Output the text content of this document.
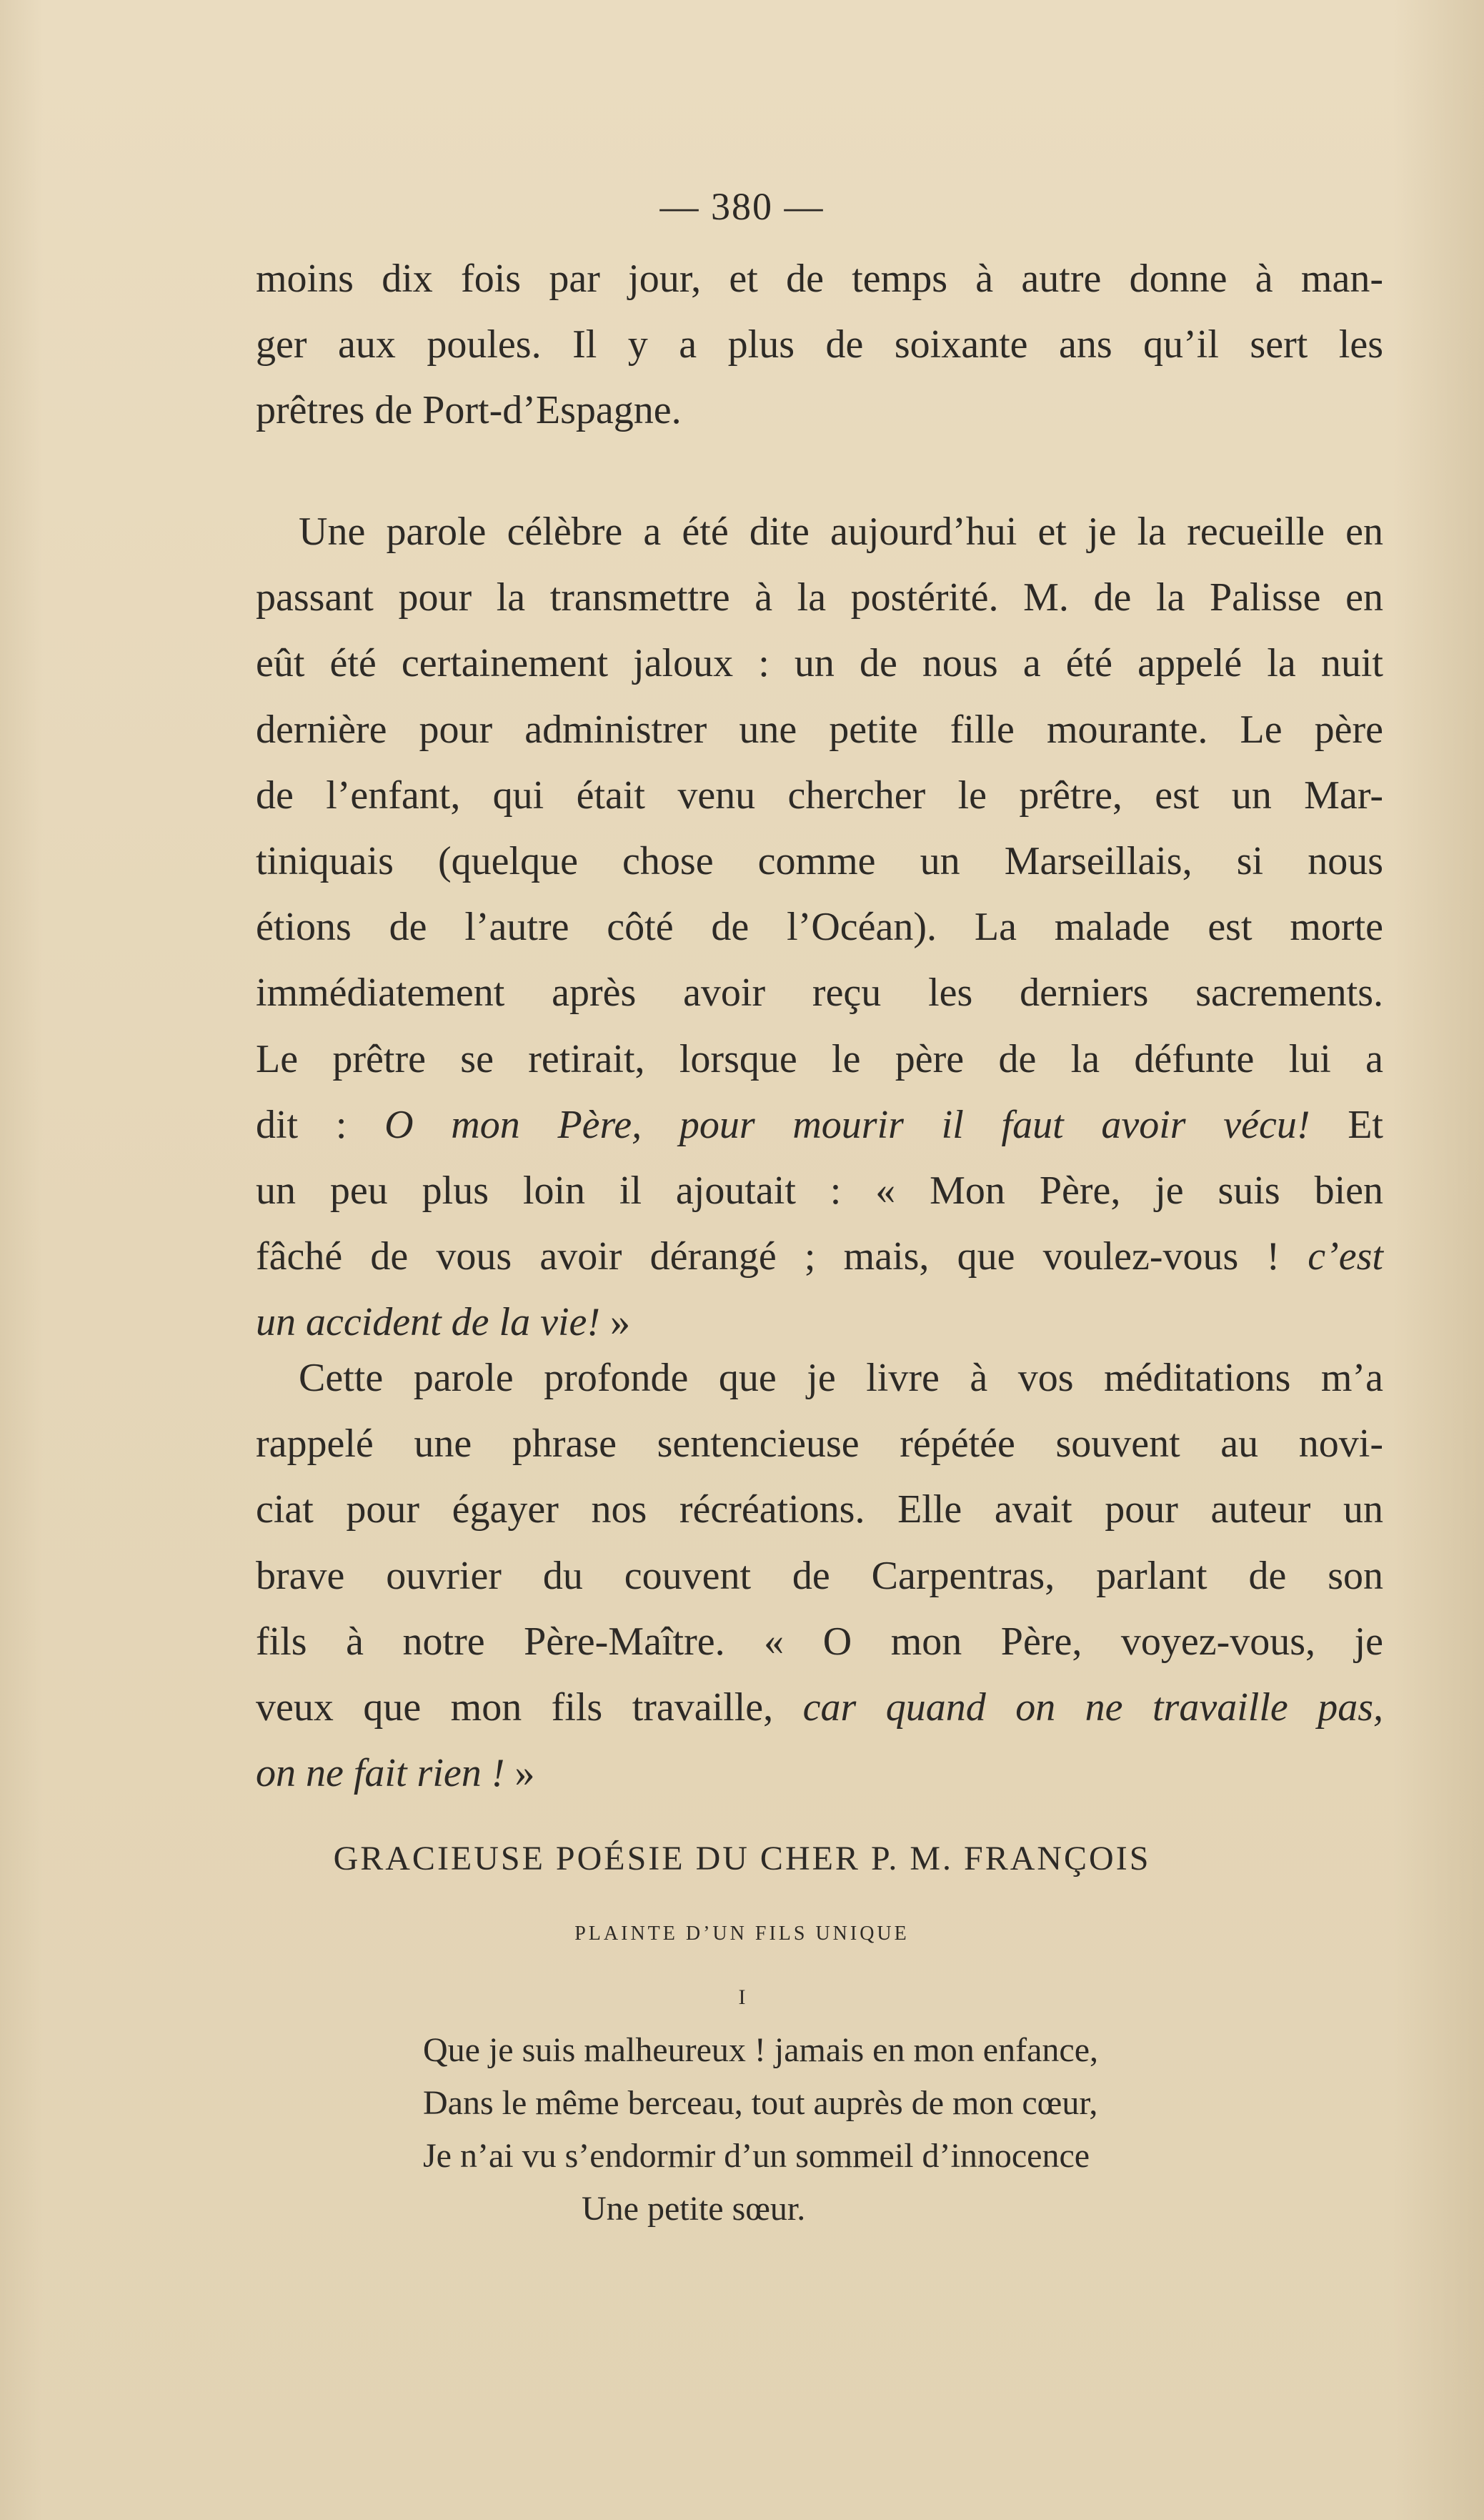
— 380 —
moins dix fois par jour, et de temps à autre donne à man-
ger aux poules. Il y a plus de soixante ans qu’il sert les
prêtres de Port-d’Espagne.
Une parole célèbre a été dite aujourd’hui et je la recueille en
passant pour la transmettre à la postérité. M. de la Palisse en
eût été certainement jaloux : un de nous a été appelé la nuit
dernière pour administrer une petite fille mourante. Le père
de l’enfant, qui était venu chercher le prêtre, est un Mar-
tiniquais (quelque chose comme un Marseillais, si nous
étions de l’autre côté de l’Océan). La malade est morte
immédiatement après avoir reçu les derniers sacrements.
Le prêtre se retirait, lorsque le père de la défunte lui a
dit : O mon Père, pour mourir il faut avoir vécu! Et
un peu plus loin il ajoutait : « Mon Père, je suis bien
fâché de vous avoir dérangé ; mais, que voulez-vous ! c’est
un accident de la vie! »
Cette parole profonde que je livre à vos méditations m’a
rappelé une phrase sentencieuse répétée souvent au novi-
ciat pour égayer nos récréations. Elle avait pour auteur un
brave ouvrier du couvent de Carpentras, parlant de son
fils à notre Père-Maître. « O mon Père, voyez-vous, je
veux que mon fils travaille, car quand on ne travaille pas,
on ne fait rien ! »
GRACIEUSE POÉSIE DU CHER P. M. FRANÇOIS
PLAINTE D’UN FILS UNIQUE
I
Que je suis malheureux ! jamais en mon enfance,
Dans le même berceau, tout auprès de mon cœur,
Je n’ai vu s’endormir d’un sommeil d’innocence
Une petite sœur.
